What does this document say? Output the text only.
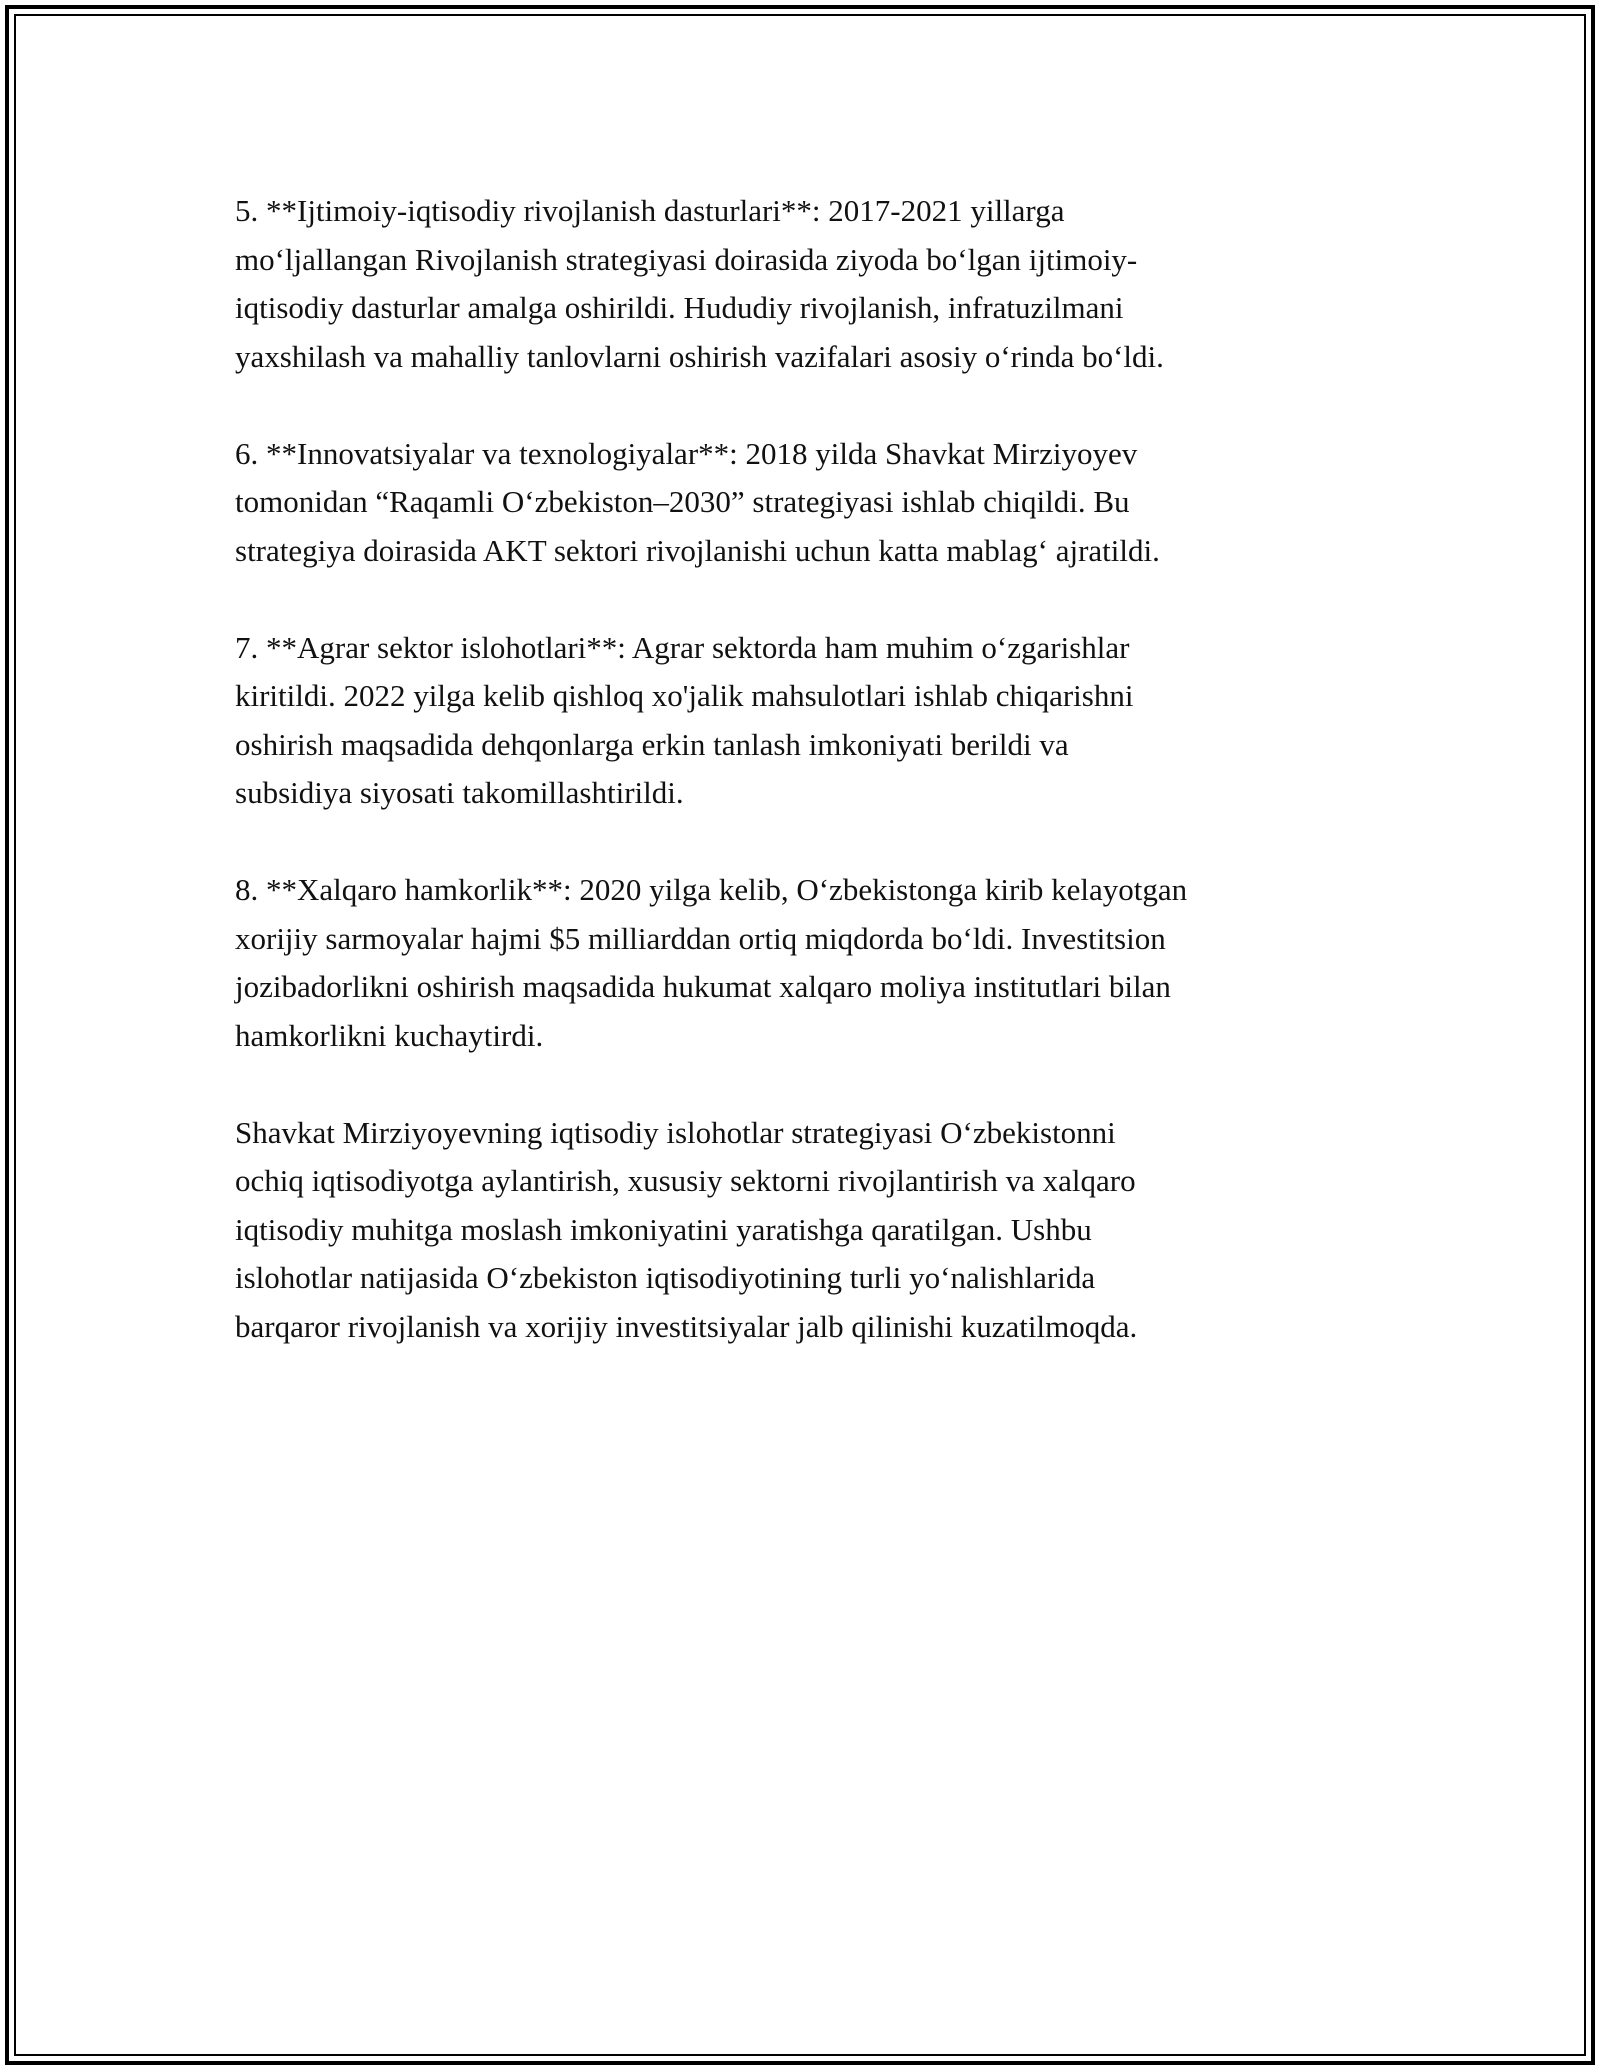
5. **Ijtimoiy-iqtisodiy rivojlanish dasturlari**: 2017-2021 yillarga
mo‘ljallangan Rivojlanish strategiyasi doirasida ziyoda bo‘lgan ijtimoiy-
iqtisodiy dasturlar amalga oshirildi. Hududiy rivojlanish, infratuzilmani
yaxshilash va mahalliy tanlovlarni oshirish vazifalari asosiy o‘rinda bo‘ldi.

6. **Innovatsiyalar va texnologiyalar**: 2018 yilda Shavkat Mirziyoyev
tomonidan “Raqamli O‘zbekiston–2030” strategiyasi ishlab chiqildi. Bu
strategiya doirasida AKT sektori rivojlanishi uchun katta mablag‘ ajratildi.

7. **Agrar sektor islohotlari**: Agrar sektorda ham muhim o‘zgarishlar
kiritildi. 2022 yilga kelib qishloq xo'jalik mahsulotlari ishlab chiqarishni
oshirish maqsadida dehqonlarga erkin tanlash imkoniyati berildi va
subsidiya siyosati takomillashtirildi.

8. **Xalqaro hamkorlik**: 2020 yilga kelib, O‘zbekistonga kirib kelayotgan
xorijiy sarmoyalar hajmi $5 milliarddan ortiq miqdorda bo‘ldi. Investitsion
jozibadorlikni oshirish maqsadida hukumat xalqaro moliya institutlari bilan
hamkorlikni kuchaytirdi.

Shavkat Mirziyoyevning iqtisodiy islohotlar strategiyasi O‘zbekistonni
ochiq iqtisodiyotga aylantirish, xususiy sektorni rivojlantirish va xalqaro
iqtisodiy muhitga moslash imkoniyatini yaratishga qaratilgan. Ushbu
islohotlar natijasida O‘zbekiston iqtisodiyotining turli yo‘nalishlarida
barqaror rivojlanish va xorijiy investitsiyalar jalb qilinishi kuzatilmoqda.
